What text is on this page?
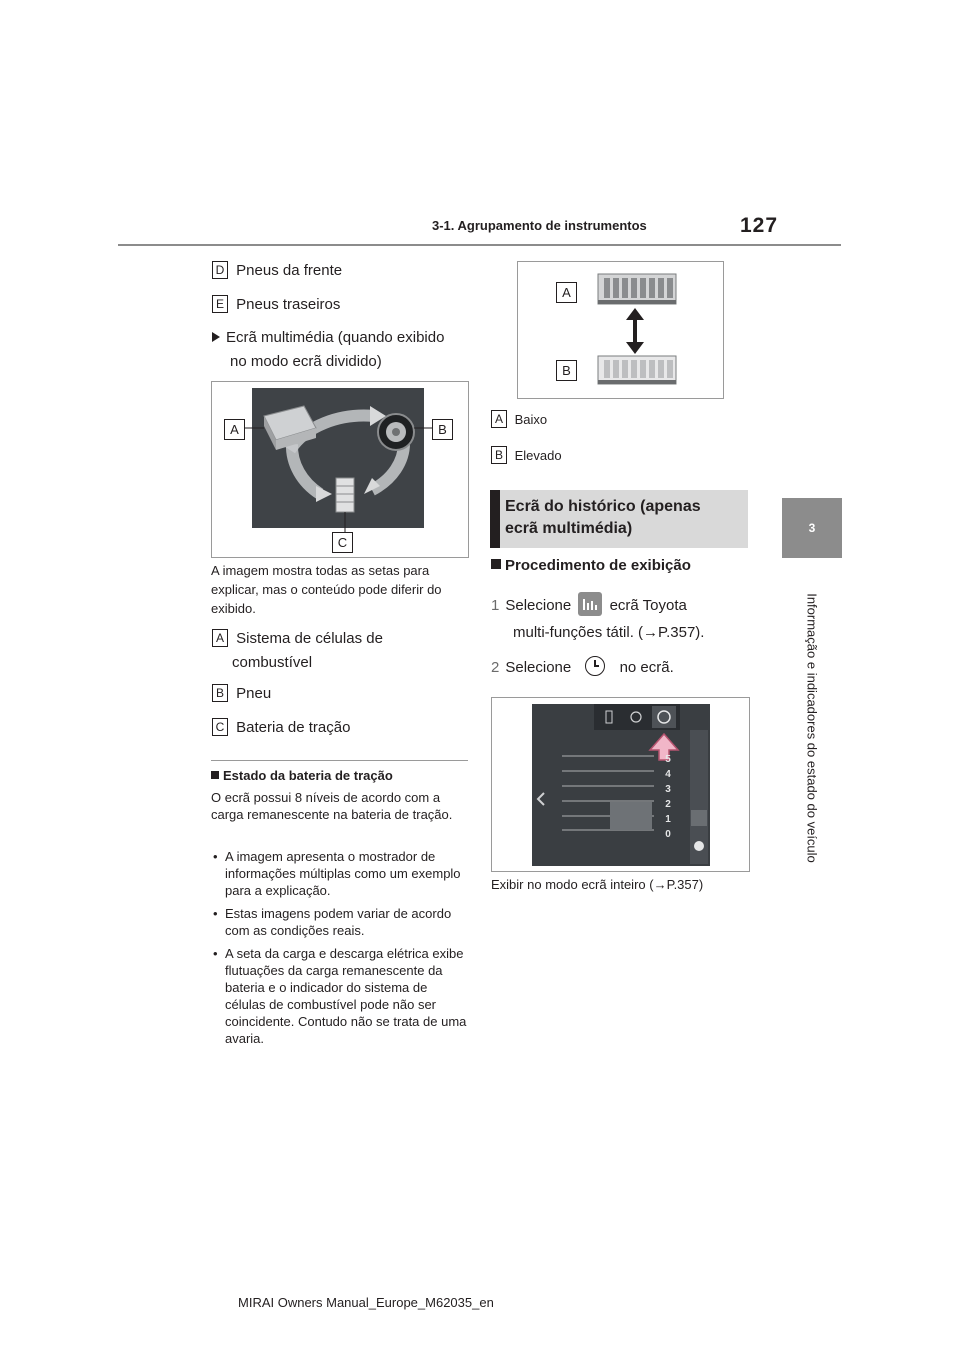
3-1. Agrupamento de instrumentos	127
3
Informação e indicadores do estado do veículo
D Pneus da frente
E Pneus traseiros
Ecrã multimédia (quando exibido
no modo ecrã dividido)
A	B
C
A imagem mostra todas as setas para explicar, mas o conteúdo pode diferir do exibido.
A Sistema de células de
combustível
B Pneu
C Bateria de tração
Estado da bateria de tração
O ecrã possui 8 níveis de acordo com a carga remanescente na bateria de tração.
• A imagem apresenta o mostrador de informações múltiplas como um exemplo para a explicação.
• Estas imagens podem variar de acordo com as condições reais.
• A seta da carga e descarga elétrica exibe flutuações da carga remanescente da bateria e o indicador do sistema de células de combustível pode não ser coincidente. Contudo não se trata de uma avaria.
A
B
A Baixo
B Elevado
Ecrã do histórico (apenas
ecrã multimédia)
Procedimento de exibição
1 Selecione	ecrã Toyota
multi-funções tátil. (→P.357).
2 Selecione	no ecrã.
5
4
3
2
1
0
Exibir no modo ecrã inteiro (→P.357)
MIRAI Owners Manual_Europe_M62035_en
